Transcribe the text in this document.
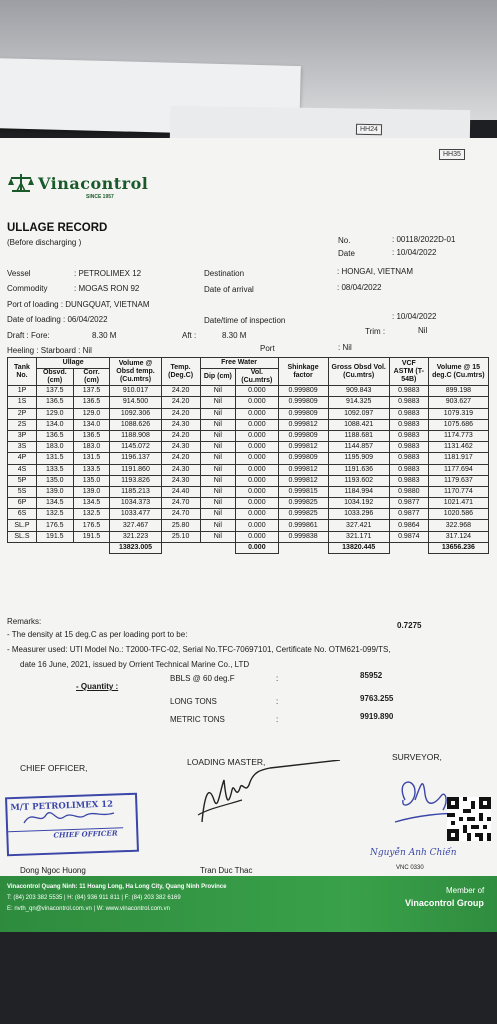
HH24
HH35
Vinacontrol
SINCE 1957
ULLAGE RECORD
(Before discharging )	No.	: 00118/2022D-01
Date	: 10/04/2022
Vessel	: PETROLIMEX 12
Commodity	: MOGAS RON 92
Port of loading : DUNGQUAT, VIETNAM
Date of loading : 06/04/2022
Draft : Fore:	8.30 M	Aft :	8.30 M
Heeling : Starboard : Nil	Port	: Nil
Destination	: HONGAI, VIETNAM
Date of arrival	: 08/04/2022
Date/time of inspection	: 10/04/2022
Trim :	Nil
Tank No.	Ullage		Volume @ Obsd temp. (Cu.mtrs)	Temp. (Deg.C)	Free Water		Shinkage factor	Gross Obsd Vol. (Cu.mtrs)	VCF ASTM (T-54B)	Volume @ 15 deg.C (Cu.mtrs)
	Obsvd. (cm)	Corr. (cm)			Dip (cm)	Vol. (Cu.mtrs)				
1P	137.5	137.5	910.017	24.20	Nil	0.000	0.999809	909.843	0.9883	899.198
1S	136.5	136.5	914.500	24.20	Nil	0.000	0.999809	914.325	0.9883	903.627
2P	129.0	129.0	1092.306	24.20	Nil	0.000	0.999809	1092.097	0.9883	1079.319
2S	134.0	134.0	1088.626	24.30	Nil	0.000	0.999812	1088.421	0.9883	1075.686
3P	136.5	136.5	1188.908	24.20	Nil	0.000	0.999809	1188.681	0.9883	1174.773
3S	183.0	183.0	1145.072	24.30	Nil	0.000	0.999812	1144.857	0.9883	1131.462
4P	131.5	131.5	1196.137	24.20	Nil	0.000	0.999809	1195.909	0.9883	1181.917
4S	133.5	133.5	1191.860	24.30	Nil	0.000	0.999812	1191.636	0.9883	1177.694
5P	135.0	135.0	1193.826	24.30	Nil	0.000	0.999812	1193.602	0.9883	1179.637
5S	139.0	139.0	1185.213	24.40	Nil	0.000	0.999815	1184.994	0.9880	1170.774
6P	134.5	134.5	1034.373	24.70	Nil	0.000	0.999825	1034.192	0.9877	1021.471
6S	132.5	132.5	1033.477	24.70	Nil	0.000	0.999825	1033.296	0.9877	1020.586
SL.P	176.5	176.5	327.467	25.80	Nil	0.000	0.999861	327.421	0.9864	322.968
SL.S	191.5	191.5	321.223	25.10	Nil	0.000	0.999838	321.171	0.9874	317.124
			13823.005			0.000		13820.445		13656.236
Remarks:
- The density at 15 deg.C as per loading port to be:
0.7275
- Measurer used: UTI Model No.: T2000-TFC-02, Serial No.TFC-70697101, Certificate No. OTM621-099/TS,
date 16 June, 2021, issued by Orrient Technical Marine Co., LTD
- Quantity :
BBLS @ 60 deg.F	:	85952
LONG TONS	:	9763.255
METRIC TONS	:	9919.890
CHIEF OFFICER,
LOADING MASTER,	SURVEYOR,
M/T PETROLIMEX 12
CHIEF OFFICER
Dong Ngoc Huong	Tran Duc Thac
Nguyễn Anh Chiến
VNC 0330
Vinacontrol Quang Ninh: 11 Hoang Long, Ha Long City, Quang Ninh Province
T: (84) 203 382 5535 | H: (84) 936 911 811 | F: (84) 203 382 6169
E: nvth_qn@vinacontrol.com.vn | W: www.vinacontrol.com.vn
Member of
Vinacontrol Group
